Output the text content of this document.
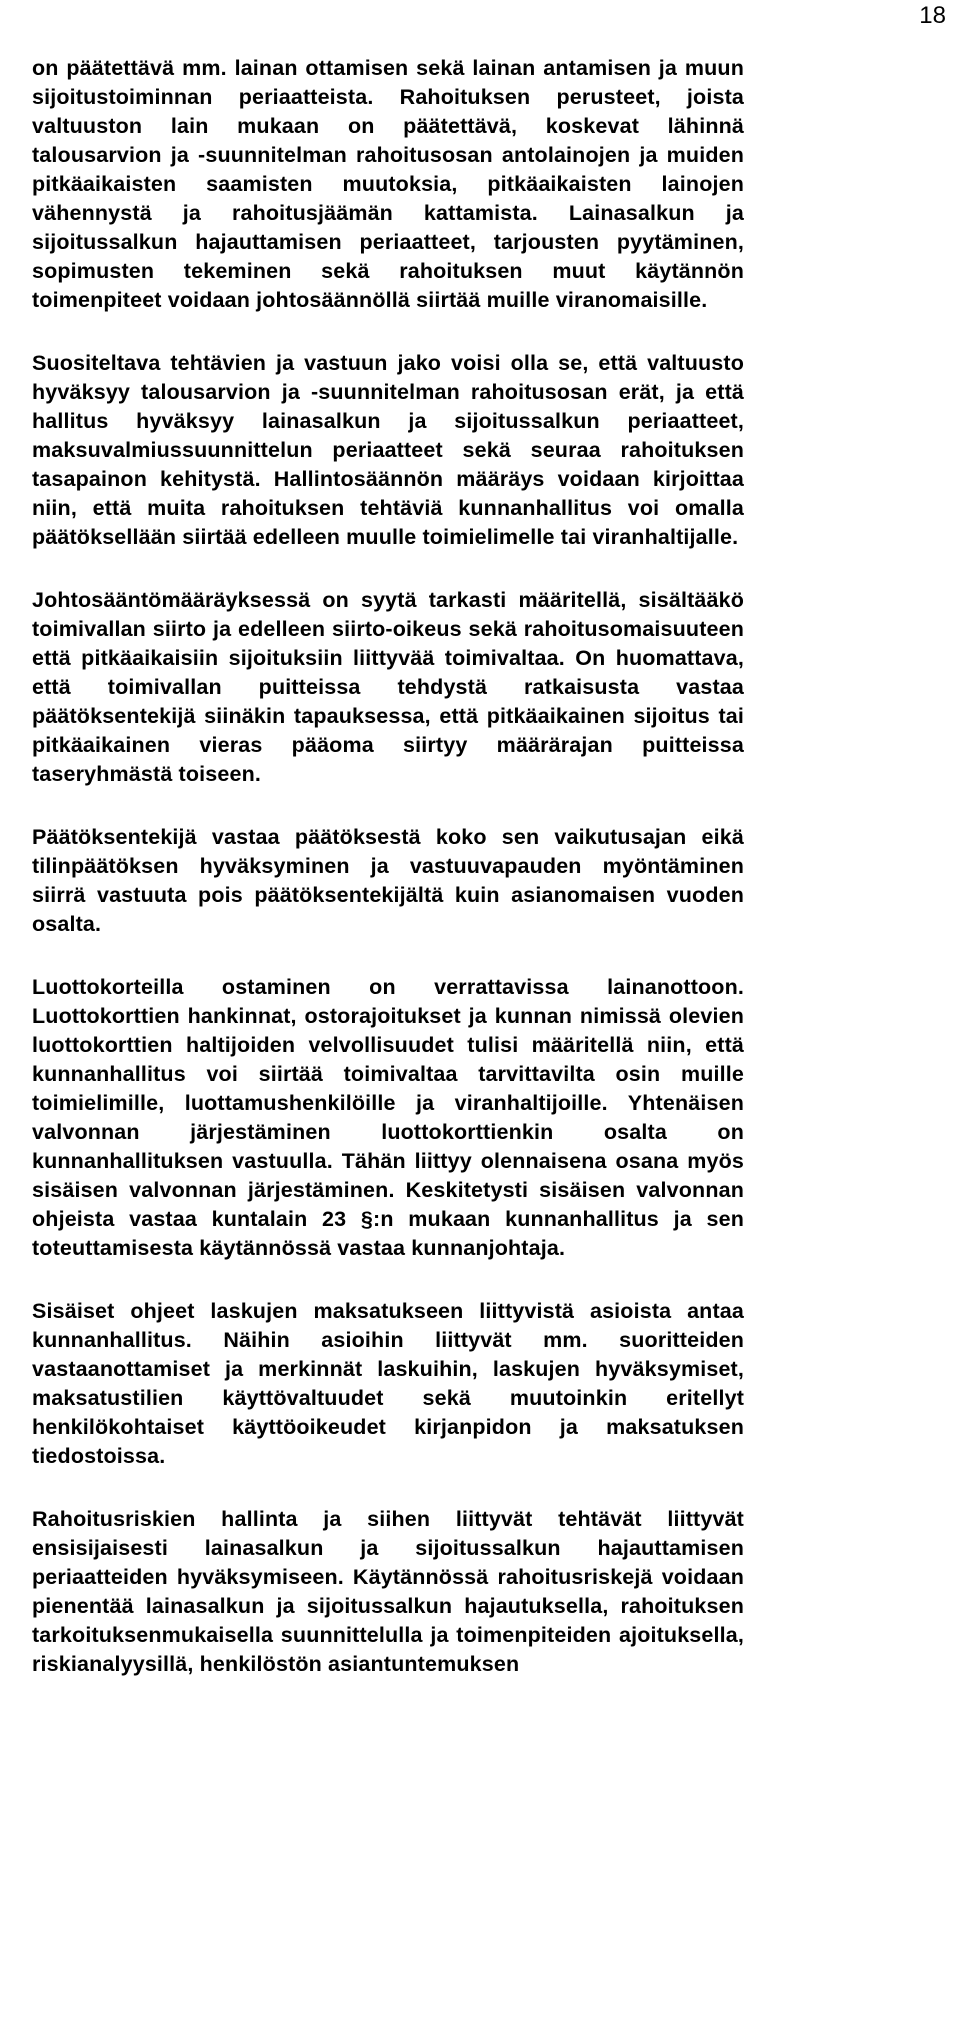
18

on päätettävä mm. lainan ottamisen sekä lainan antamisen ja muun sijoitustoiminnan periaatteista. Rahoituksen perusteet, joista valtuuston lain mukaan on päätettävä, koskevat lähinnä talousarvion ja -suunnitelman rahoitusosan antolainojen ja muiden pitkäaikaisten saamisten muutoksia, pitkäaikaisten lainojen vähennystä ja rahoitusjäämän kattamista. Lainasalkun ja sijoitussalkun hajauttamisen periaatteet, tarjousten pyytäminen, sopimusten tekeminen sekä rahoituksen muut käytännön toimenpiteet voidaan johtosäännöllä siirtää muille viranomaisille.

Suositeltava tehtävien ja vastuun jako voisi olla se, että valtuusto hyväksyy talousarvion ja -suunnitelman rahoitusosan erät, ja että hallitus hyväksyy lainasalkun ja sijoitussalkun periaatteet, maksuvalmiussuunnittelun periaatteet sekä seuraa rahoituksen tasapainon kehitystä. Hallintosäännön määräys voidaan kirjoittaa niin, että muita rahoituksen tehtäviä kunnanhallitus voi omalla päätöksellään siirtää edelleen muulle toimielimelle tai viranhaltijalle.

Johtosääntömääräyksessä on syytä tarkasti määritellä, sisältääkö toimivallan siirto ja edelleen siirto-oikeus sekä rahoitusomaisuuteen että pitkäaikaisiin sijoituksiin liittyvää toimivaltaa. On huomattava, että toimivallan puitteissa tehdystä ratkaisusta vastaa päätöksentekijä siinäkin tapauksessa, että pitkäaikainen sijoitus tai pitkäaikainen vieras pääoma siirtyy määrärajan puitteissa taseryhmästä toiseen.

Päätöksentekijä vastaa päätöksestä koko sen vaikutusajan eikä tilinpäätöksen hyväksyminen ja vastuuvapauden myöntäminen siirrä vastuuta pois päätöksentekijältä kuin asianomaisen vuoden osalta.

Luottokorteilla ostaminen on verrattavissa lainanottoon. Luottokorttien hankinnat, ostorajoitukset ja kunnan nimissä olevien luottokorttien haltijoiden velvollisuudet tulisi määritellä niin, että kunnanhallitus voi siirtää toimivaltaa tarvittavilta osin muille toimielimille, luottamushenkilöille ja viranhaltijoille. Yhtenäisen valvonnan järjestäminen luottokorttienkin osalta on kunnanhallituksen vastuulla. Tähän liittyy olennaisena osana myös sisäisen valvonnan järjestäminen. Keskitetysti sisäisen valvonnan ohjeista vastaa kuntalain 23 §:n mukaan kunnanhallitus ja sen toteuttamisesta käytännössä vastaa kunnanjohtaja.

Sisäiset ohjeet laskujen maksatukseen liittyvistä asioista antaa kunnanhallitus. Näihin asioihin liittyvät mm. suoritteiden vastaanottamiset ja merkinnät laskuihin, laskujen hyväksymiset, maksatustilien käyttövaltuudet sekä muutoinkin eritellyt henkilökohtaiset käyttöoikeudet kirjanpidon ja maksatuksen tiedostoissa.

Rahoitusriskien hallinta ja siihen liittyvät tehtävät liittyvät ensisijaisesti lainasalkun ja sijoitussalkun hajauttamisen periaatteiden hyväksymiseen. Käytännössä rahoitusriskejä voidaan pienentää lainasalkun ja sijoitussalkun hajautuksella, rahoituksen tarkoituksenmukaisella suunnittelulla ja toimenpiteiden ajoituksella, riskianalyysillä, henkilöstön asiantuntemuksen
